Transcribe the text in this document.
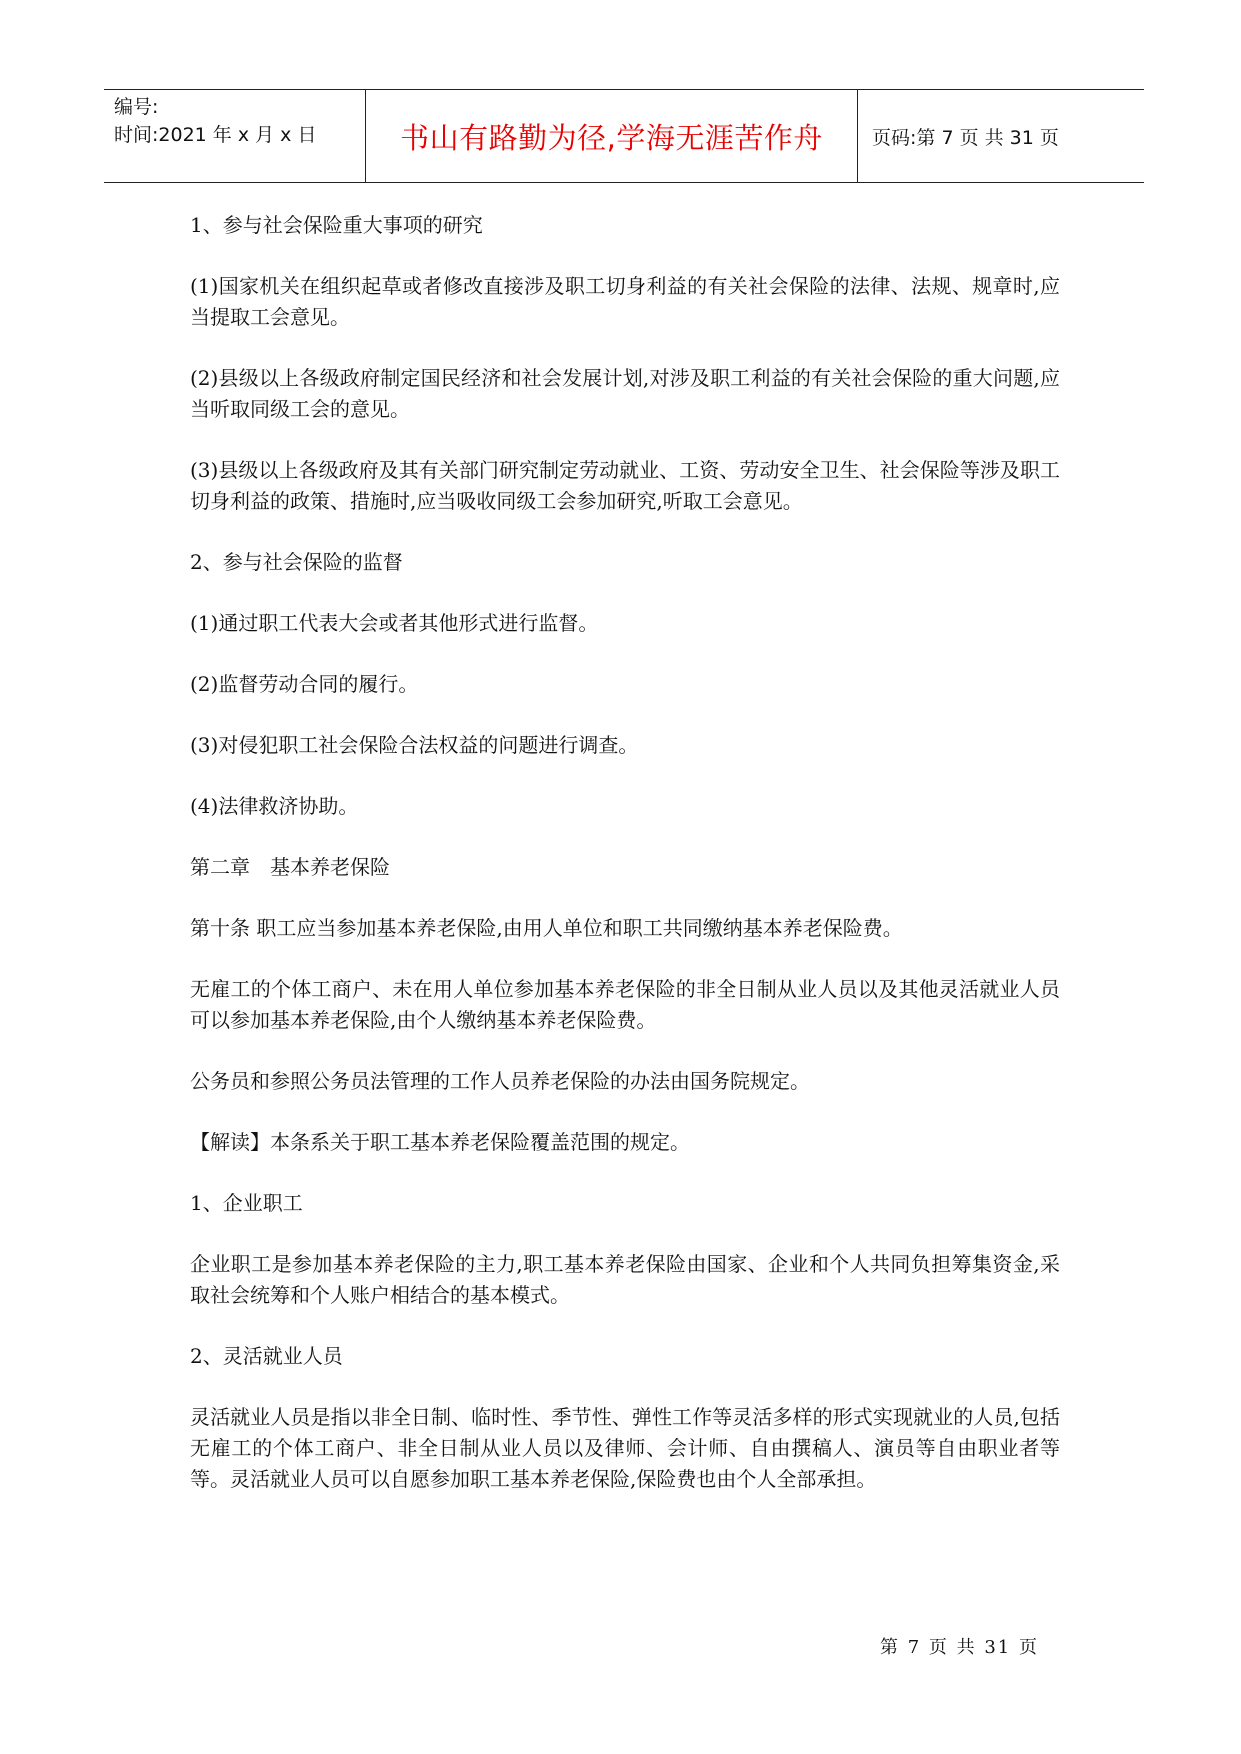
编号:
时间:2021 年 x 月 x 日	书山有路勤为径,学海无涯苦作舟	页码:第 7 页 共 31 页

1、参与社会保险重大事项的研究

(1)国家机关在组织起草或者修改直接涉及职工切身利益的有关社会保险的法律、法规、规章时,应当提取工会意见。

(2)县级以上各级政府制定国民经济和社会发展计划,对涉及职工利益的有关社会保险的重大问题,应当听取同级工会的意见。

(3)县级以上各级政府及其有关部门研究制定劳动就业、工资、劳动安全卫生、社会保险等涉及职工切身利益的政策、措施时,应当吸收同级工会参加研究,听取工会意见。

2、参与社会保险的监督

(1)通过职工代表大会或者其他形式进行监督。

(2)监督劳动合同的履行。

(3)对侵犯职工社会保险合法权益的问题进行调查。

(4)法律救济协助。

第二章　基本养老保险

第十条 职工应当参加基本养老保险,由用人单位和职工共同缴纳基本养老保险费。

无雇工的个体工商户、未在用人单位参加基本养老保险的非全日制从业人员以及其他灵活就业人员可以参加基本养老保险,由个人缴纳基本养老保险费。

公务员和参照公务员法管理的工作人员养老保险的办法由国务院规定。

【解读】本条系关于职工基本养老保险覆盖范围的规定。

1、企业职工

企业职工是参加基本养老保险的主力,职工基本养老保险由国家、企业和个人共同负担筹集资金,采取社会统筹和个人账户相结合的基本模式。

2、灵活就业人员

灵活就业人员是指以非全日制、临时性、季节性、弹性工作等灵活多样的形式实现就业的人员,包括无雇工的个体工商户、非全日制从业人员以及律师、会计师、自由撰稿人、演员等自由职业者等等。灵活就业人员可以自愿参加职工基本养老保险,保险费也由个人全部承担。

第 7 页 共 31 页
